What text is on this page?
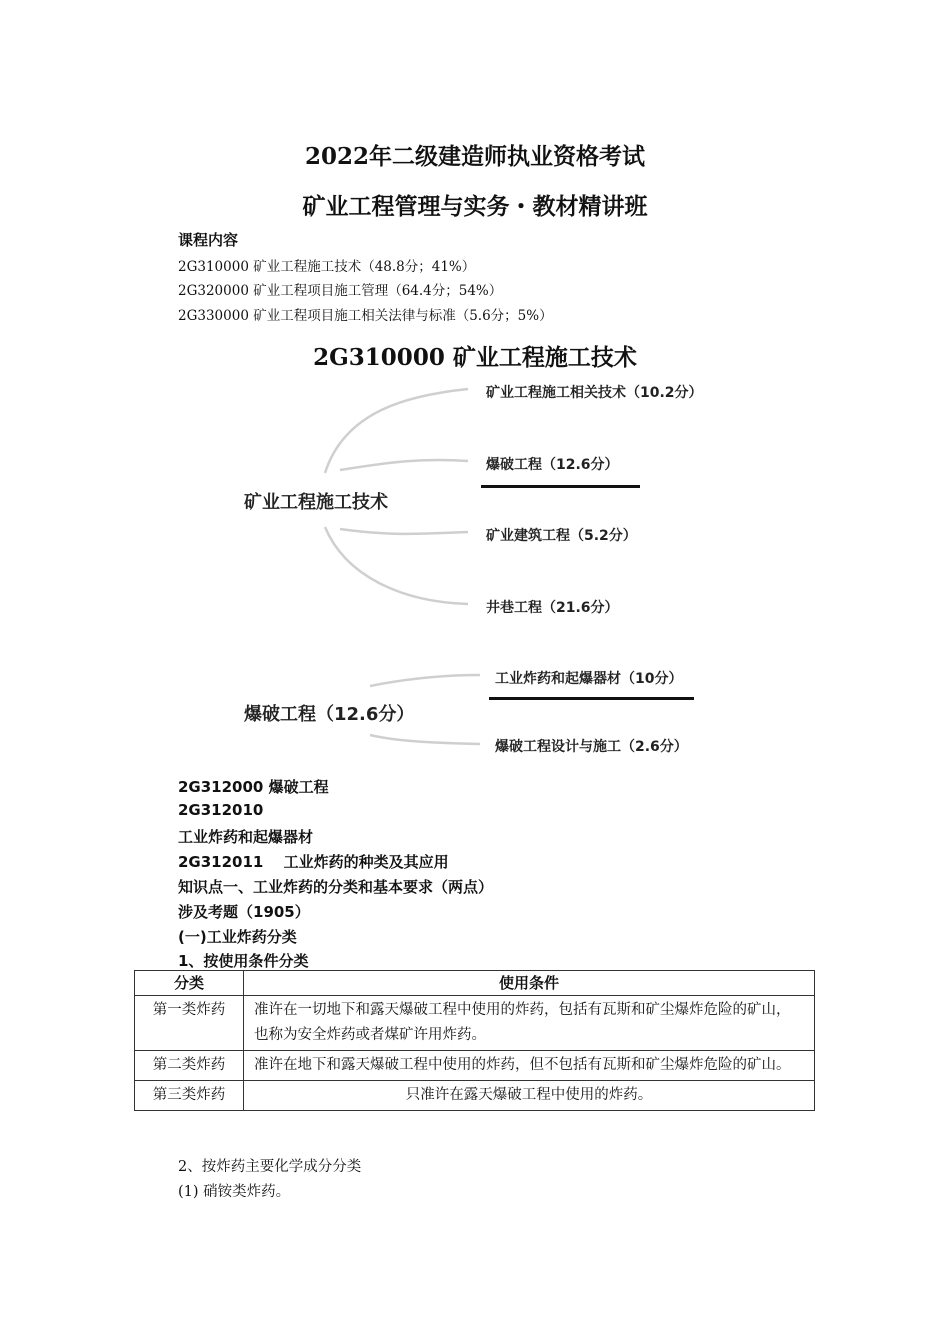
2022年二级建造师执业资格考试
矿业工程管理与实务・教材精讲班
课程内容
2G310000 矿业工程施工技术（48.8分；41%）
2G320000 矿业工程项目施工管理（64.4分；54%）
2G330000 矿业工程项目施工相关法律与标准（5.6分；5%）
2G310000 矿业工程施工技术
矿业工程施工技术
矿业工程施工相关技术（10.2分）
爆破工程（12.6分）
矿业建筑工程（5.2分）
井巷工程（21.6分）
爆破工程（12.6分）
工业炸药和起爆器材（10分）
爆破工程设计与施工（2.6分）
2G312000 爆破工程
2G312010
工业炸药和起爆器材
2G312011　 工业炸药的种类及其应用
知识点一、工业炸药的分类和基本要求（两点）
涉及考题（1905）
(一)工业炸药分类
1、按使用条件分类
分类	使用条件
第一类炸药	准许在一切地下和露天爆破工程中使用的炸药，包括有瓦斯和矿尘爆炸危险的矿山，也称为安全炸药或者煤矿许用炸药。
第二类炸药	准许在地下和露天爆破工程中使用的炸药，但不包括有瓦斯和矿尘爆炸危险的矿山。
第三类炸药	只准许在露天爆破工程中使用的炸药。
2、按炸药主要化学成分分类
(1) 硝铵类炸药。
